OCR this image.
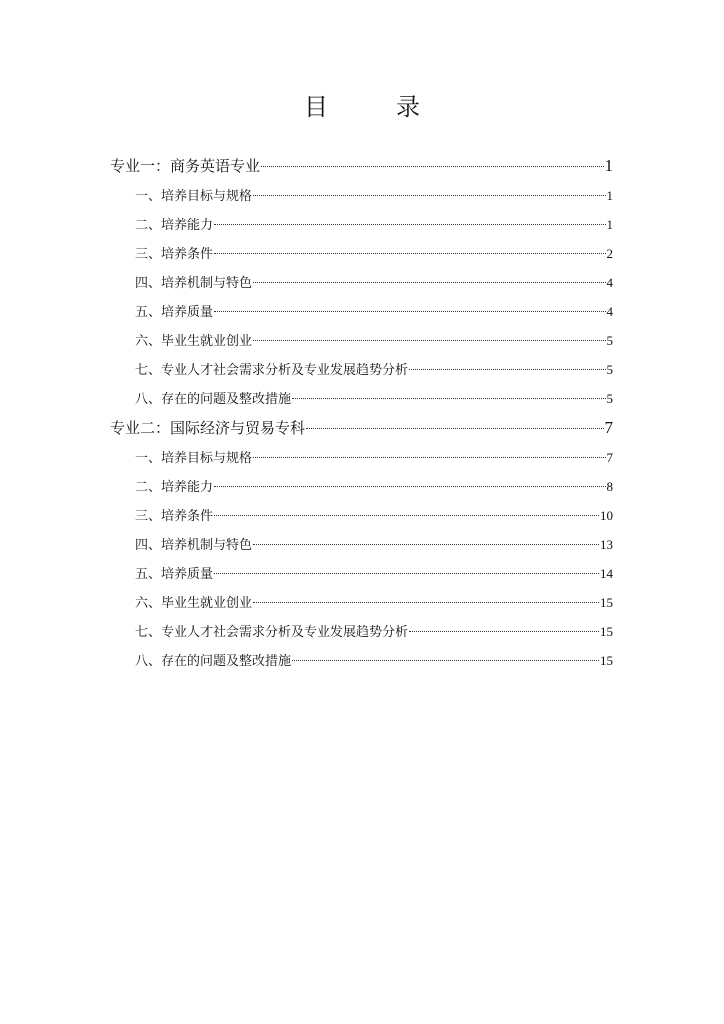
目　录
专业一：商务英语专业	1
一、培养目标与规格	1
二、培养能力	1
三、培养条件	2
四、培养机制与特色	4
五、培养质量	4
六、毕业生就业创业	5
七、专业人才社会需求分析及专业发展趋势分析	5
八、存在的问题及整改措施	5
专业二：国际经济与贸易专科	7
一、培养目标与规格	7
二、培养能力	8
三、培养条件	10
四、培养机制与特色	13
五、培养质量	14
六、毕业生就业创业	15
七、专业人才社会需求分析及专业发展趋势分析	15
八、存在的问题及整改措施	15
